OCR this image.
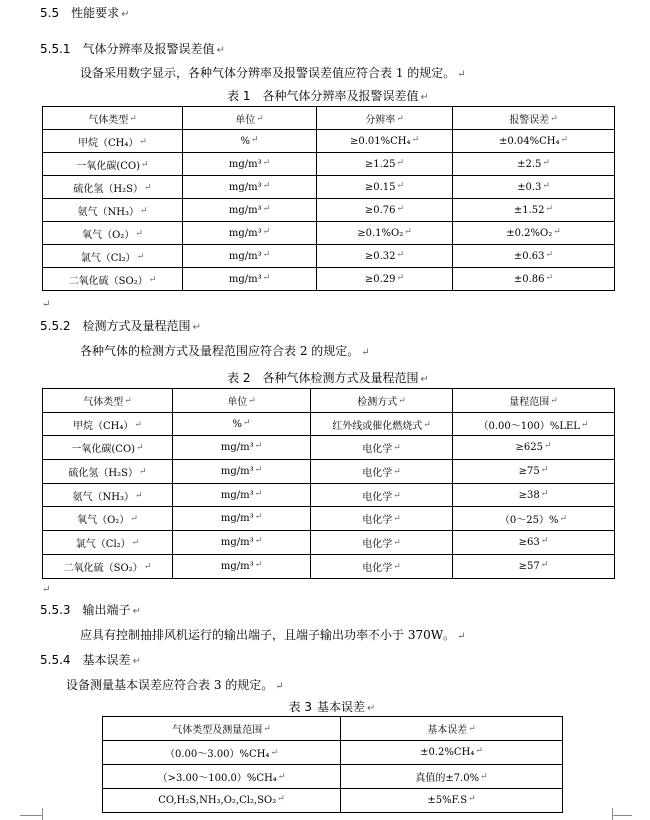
5.5 性能要求 ↵
5.5.1 气体分辨率及报警误差值 ↵
设备采用数字显示，各种气体分辨率及报警误差值应符合表 1 的规定。 ↵
表 1 各种气体分辨率及报警误差值 ↵
气体类型↵	单位↵	分辨率↵	报警误差↵
甲烷（CH₄）↵	%↵	≥0.01%CH₄↵	±0.04%CH₄↵
一氧化碳(CO)↵	mg/m³↵	≥1.25↵	±2.5↵
硫化氢（H₂S）↵	mg/m³↵	≥0.15↵	±0.3↵
氨气（NH₃）↵	mg/m³↵	≥0.76↵	±1.52↵
氧气（O₂）↵	mg/m³↵	≥0.1%O₂↵	±0.2%O₂↵
氯气（Cl₂）↵	mg/m³↵	≥0.32↵	±0.63↵
二氧化硫（SO₂）↵	mg/m³↵	≥0.29↵	±0.86↵
↵
5.5.2 检测方式及量程范围 ↵
各种气体的检测方式及量程范围应符合表 2 的规定。 ↵
表 2 各种气体检测方式及量程范围 ↵
气体类型↵	单位↵	检测方式↵	量程范围↵
甲烷（CH₄）↵	%↵	红外线或催化燃烧式↵	（0.00～100）%LEL↵
一氧化碳(CO)↵	mg/m³↵	电化学↵	≥625↵
硫化氢（H₂S）↵	mg/m³↵	电化学↵	≥75↵
氨气（NH₃）↵	mg/m³↵	电化学↵	≥38↵
氧气（O₂）↵	mg/m³↵	电化学↵	（0～25）%↵
氯气（Cl₂）↵	mg/m³↵	电化学↵	≥63↵
二氧化硫（SO₂）↵	mg/m³↵	电化学↵	≥57↵
↵
5.5.3 输出端子 ↵
应具有控制抽排风机运行的输出端子，且端子输出功率不小于 370W。 ↵
5.5.4 基本误差 ↵
设备测量基本误差应符合表 3 的规定。 ↵
表 3 基本误差 ↵
气体类型及测量范围↵	基本误差↵
（0.00～3.00）%CH₄↵	±0.2%CH₄↵
（>3.00～100.0）%CH₄↵	真值的±7.0%↵
CO,H₂S,NH₃,O₂,Cl₂,SO₂↵	±5%F.S↵
